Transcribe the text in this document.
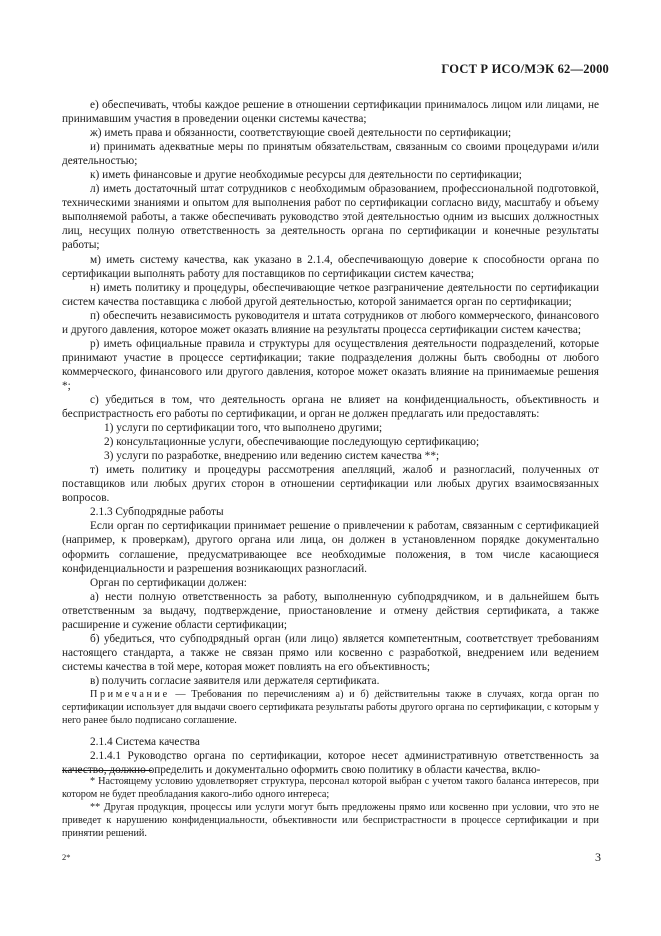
ГОСТ Р ИСО/МЭК 62—2000

е) обеспечивать, чтобы каждое решение в отношении сертификации принималось лицом или лицами, не принимавшим участия в проведении оценки системы качества;

ж) иметь права и обязанности, соответствующие своей деятельности по сертификации;

и) принимать адекватные меры по принятым обязательствам, связанным со своими процедурами и/или деятельностью;

к) иметь финансовые и другие необходимые ресурсы для деятельности по сертификации;

л) иметь достаточный штат сотрудников с необходимым образованием, профессиональной подготовкой, техническими знаниями и опытом для выполнения работ по сертификации согласно виду, масштабу и объему выполняемой работы, а также обеспечивать руководство этой деятельностью одним из высших должностных лиц, несущих полную ответственность за деятельность органа по сертификации и конечные результаты работы;

м) иметь систему качества, как указано в 2.1.4, обеспечивающую доверие к способности органа по сертификации выполнять работу для поставщиков по сертификации систем качества;

н) иметь политику и процедуры, обеспечивающие четкое разграничение деятельности по сертификации систем качества поставщика с любой другой деятельностью, которой занимается орган по сертификации;

п) обеспечить независимость руководителя и штата сотрудников от любого коммерческого, финансового и другого давления, которое может оказать влияние на результаты процесса сертификации систем качества;

р) иметь официальные правила и структуры для осуществления деятельности подразделений, которые принимают участие в процессе сертификации; такие подразделения должны быть свободны от любого коммерческого, финансового или другого давления, которое может оказать влияние на принимаемые решения *;

с) убедиться в том, что деятельность органа не влияет на конфиденциальность, объективность и беспристрастность его работы по сертификации, и орган не должен предлагать или предоставлять:

1) услуги по сертификации того, что выполнено другими;

2) консультационные услуги, обеспечивающие последующую сертификацию;

3) услуги по разработке, внедрению или ведению систем качества **;

т) иметь политику и процедуры рассмотрения апелляций, жалоб и разногласий, полученных от поставщиков или любых других сторон в отношении сертификации или любых других взаимосвязанных вопросов.

2.1.3 Субподрядные работы

Если орган по сертификации принимает решение о привлечении к работам, связанным с сертификацией (например, к проверкам), другого органа или лица, он должен в установленном порядке документально оформить соглашение, предусматривающее все необходимые положения, в том числе касающиеся конфиденциальности и разрешения возникающих разногласий.

Орган по сертификации должен:

а) нести полную ответственность за работу, выполненную субподрядчиком, и в дальнейшем быть ответственным за выдачу, подтверждение, приостановление и отмену действия сертификата, а также расширение и сужение области сертификации;

б) убедиться, что субподрядный орган (или лицо) является компетентным, соответствует требованиям настоящего стандарта, а также не связан прямо или косвенно с разработкой, внедрением или ведением системы качества в той мере, которая может повлиять на его объективность;

в) получить согласие заявителя или держателя сертификата.

Примечание — Требования по перечислениям а) и б) действительны также в случаях, когда орган по сертификации использует для выдачи своего сертификата результаты работы другого органа по сертификации, с которым у него ранее было подписано соглашение.

2.1.4 Система качества

2.1.4.1 Руководство органа по сертификации, которое несет административную ответственность за качество, должно определить и документально оформить свою политику в области качества, вклю-

* Настоящему условию удовлетворяет структура, персонал которой выбран с учетом такого баланса интересов, при котором не будет преобладания какого-либо одного интереса;

** Другая продукция, процессы или услуги могут быть предложены прямо или косвенно при условии, что это не приведет к нарушению конфиденциальности, объективности или беспристрастности в процессе сертификации и при принятии решений.

2*	3
